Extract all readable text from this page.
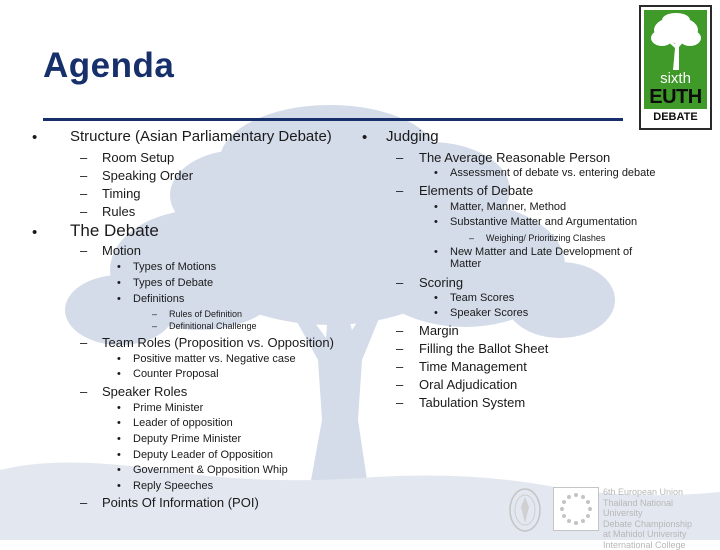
Agenda	sixth
EUTH
DEBATE
• Structure (Asian Parliamentary Debate)
– Room Setup
– Speaking Order
– Timing
– Rules
• The Debate
– Motion
• Types of Motions
• Types of Debate
• Definitions
– Rules of Definition
– Definitional Challenge
– Team Roles (Proposition vs. Opposition)
• Positive matter vs. Negative case
• Counter Proposal
– Speaker Roles
• Prime Minister
• Leader of opposition
• Deputy Prime Minister
• Deputy Leader of Opposition
• Government & Opposition Whip
• Reply Speeches
– Points Of Information (POI)
• Judging
– The Average Reasonable Person
• Assessment of debate vs. entering debate
– Elements of Debate
• Matter, Manner, Method
• Substantive Matter and Argumentation
– Weighing/ Prioritizing Clashes
• New Matter and Late Development of
Matter
– Scoring
• Team Scores
• Speaker Scores
– Margin
– Filling the Ballot Sheet
– Time Management
– Oral Adjudication
– Tabulation System
6th European Union
Thailand National University
Debate Championship
at Mahidol University
International College
